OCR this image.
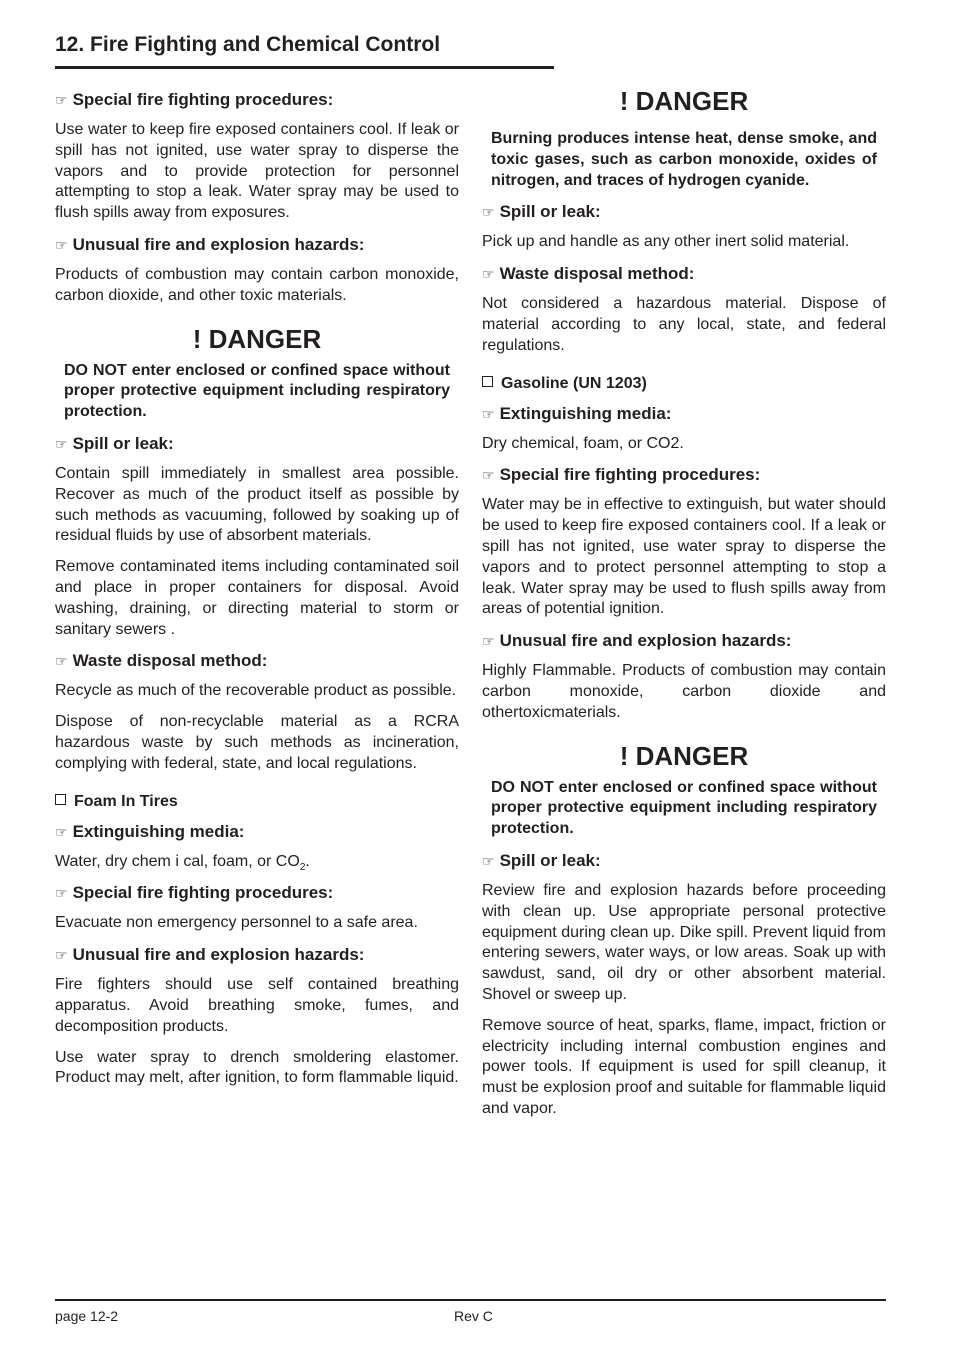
12. Fire Fighting and Chemical Control
☞ Special fire fighting procedures:

Use water to keep fire exposed containers cool. If leak or spill has not ignited, use water spray to disperse the vapors and to provide protection for personnel attempting to stop a leak. Water spray may be used to flush spills away from exposures.

☞ Unusual fire and explosion hazards:

Products of combustion may contain carbon monoxide, carbon dioxide, and other toxic materials.

! DANGER

DO NOT enter enclosed or confined space without proper protective equipment including respiratory protection.

☞ Spill or leak:

Contain spill immediately in smallest area possible. Recover as much of the product itself as possible by such methods as vacuuming, followed by soaking up of residual fluids by use of absorbent materials.

Remove contaminated items including contaminated soil and place in proper containers for disposal. Avoid washing, draining, or directing material to storm or sanitary sewers .

☞ Waste disposal method:

Recycle as much of the recoverable product as possible.

Dispose of non-recyclable material as a RCRA hazardous waste by such methods as incineration, complying with federal, state, and local regulations.

Foam In Tires
☞ Extinguishing media:

Water, dry chem i cal, foam, or $CO_2$.

☞ Special fire fighting procedures:

Evacuate non emergency personnel to a safe area.

☞ Unusual fire and explosion hazards:

Fire fighters should use self contained breathing apparatus. Avoid breathing smoke, fumes, and decomposition products.

Use water spray to drench smoldering elastomer. Product may melt, after ignition, to form flammable liquid.

! DANGER

Burning produces intense heat, dense smoke, and toxic gases, such as carbon monoxide, oxides of nitrogen, and traces of hydrogen cyanide.

☞ Spill or leak:

Pick up and handle as any other inert solid material.

☞ Waste disposal method:

Not considered a hazardous material. Dispose of material according to any local, state, and federal regulations.

Gasoline (UN 1203)
☞ Extinguishing media:

Dry chemical, foam, or CO2.

☞ Special fire fighting procedures:

Water may be in effective to extinguish, but water should be used to keep fire exposed containers cool. If a leak or spill has not ignited, use water spray to disperse the vapors and to protect personnel attempting to stop a leak. Water spray may be used to flush spills away from areas of potential ignition.

☞ Unusual fire and explosion hazards:

Highly Flammable. Products of combustion may contain carbon monoxide, carbon dioxide and othertoxicmaterials.

! DANGER

DO NOT enter enclosed or confined space without proper protective equipment including respiratory protection.

☞ Spill or leak:

Review fire and explosion hazards before proceeding with clean up. Use appropriate personal protective equipment during clean up. Dike spill. Prevent liquid from entering sewers, water ways, or low areas. Soak up with sawdust, sand, oil dry or other absorbent material. Shovel or sweep up.

Remove source of heat, sparks, flame, impact, friction or electricity including internal combustion engines and power tools. If equipment is used for spill cleanup, it must be explosion proof and suitable for flammable liquid and vapor.

page 12-2	Rev C
